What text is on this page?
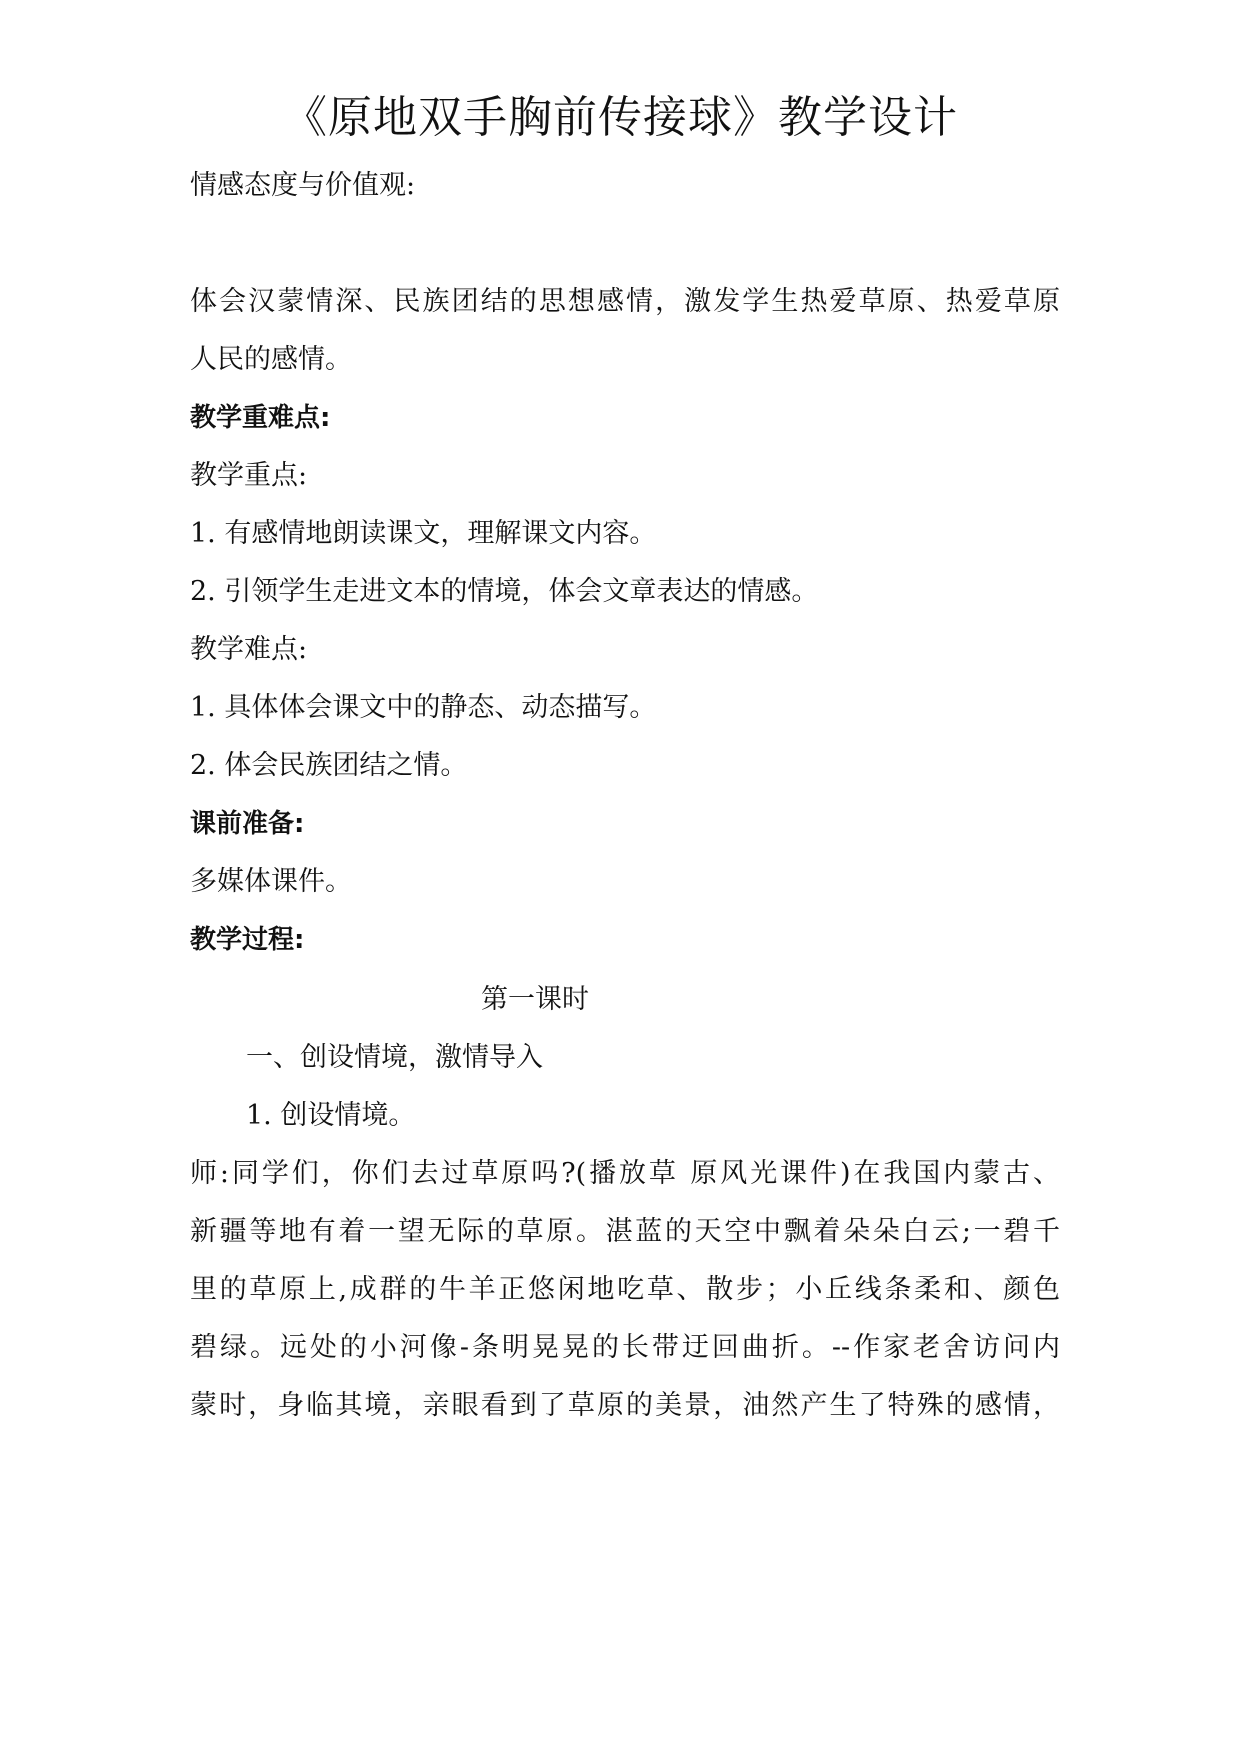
《原地双手胸前传接球》教学设计
情感态度与价值观:
体会汉蒙情深、民族团结的思想感情，激发学生热爱草原、热爱草原
人民的感情。
教学重难点:
教学重点:
1. 有感情地朗读课文，理解课文内容。
2. 引领学生走进文本的情境，体会文章表达的情感。
教学难点:
1. 具体体会课文中的静态、动态描写。
2. 体会民族团结之情。
课前准备:
多媒体课件。
教学过程:
第一课时
一、创设情境，激情导入
1. 创设情境。
师:同学们，你们去过草原吗?(播放草 原风光课件)在我国内蒙古、
新疆等地有着一望无际的草原。湛蓝的天空中飘着朵朵白云;一碧千
里的草原上,成群的牛羊正悠闲地吃草、散步；小丘线条柔和、颜色
碧绿。远处的小河像-条明晃晃的长带迂回曲折。--作家老舍访问内
蒙时，身临其境，亲眼看到了草原的美景，油然产生了特殊的感情，
